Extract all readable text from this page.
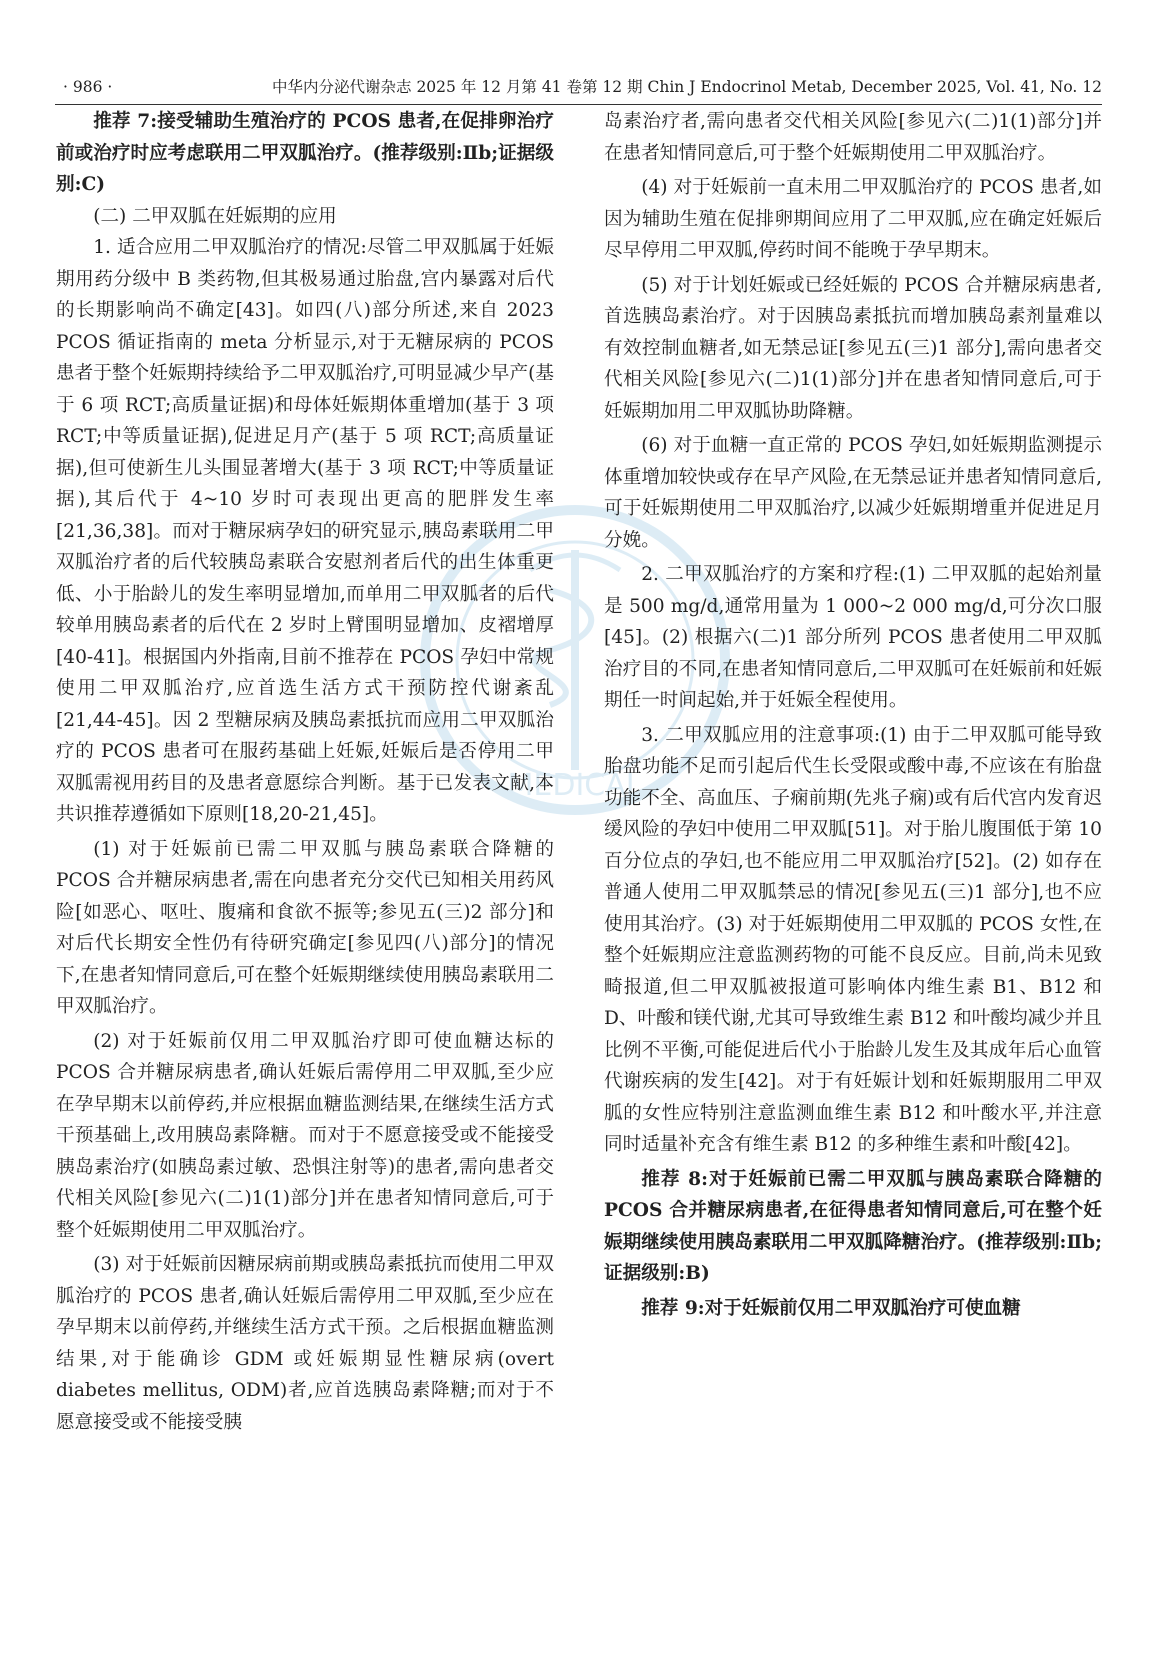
· 986 ·	中华内分泌代谢杂志 2025 年 12 月第 41 卷第 12 期 Chin J Endocrinol Metab, December 2025, Vol. 41, No. 12
MEDICAL

推荐 7:接受辅助生殖治疗的 PCOS 患者,在促排卵治疗前或治疗时应考虑联用二甲双胍治疗。(推荐级别:Ⅱb;证据级别:C)

(二) 二甲双胍在妊娠期的应用

1. 适合应用二甲双胍治疗的情况:尽管二甲双胍属于妊娠期用药分级中 B 类药物,但其极易通过胎盘,宫内暴露对后代的长期影响尚不确定[43]。如四(八)部分所述,来自 2023 PCOS 循证指南的 meta 分析显示,对于无糖尿病的 PCOS 患者于整个妊娠期持续给予二甲双胍治疗,可明显减少早产(基于 6 项 RCT;高质量证据)和母体妊娠期体重增加(基于 3 项 RCT;中等质量证据),促进足月产(基于 5 项 RCT;高质量证据),但可使新生儿头围显著增大(基于 3 项 RCT;中等质量证据),其后代于 4~10 岁时可表现出更高的肥胖发生率[21,36,38]。而对于糖尿病孕妇的研究显示,胰岛素联用二甲双胍治疗者的后代较胰岛素联合安慰剂者后代的出生体重更低、小于胎龄儿的发生率明显增加,而单用二甲双胍者的后代较单用胰岛素者的后代在 2 岁时上臂围明显增加、皮褶增厚[40-41]。根据国内外指南,目前不推荐在 PCOS 孕妇中常规使用二甲双胍治疗,应首选生活方式干预防控代谢紊乱[21,44-45]。因 2 型糖尿病及胰岛素抵抗而应用二甲双胍治疗的 PCOS 患者可在服药基础上妊娠,妊娠后是否停用二甲双胍需视用药目的及患者意愿综合判断。基于已发表文献,本共识推荐遵循如下原则[18,20-21,45]。

(1) 对于妊娠前已需二甲双胍与胰岛素联合降糖的 PCOS 合并糖尿病患者,需在向患者充分交代已知相关用药风险[如恶心、呕吐、腹痛和食欲不振等;参见五(三)2 部分]和对后代长期安全性仍有待研究确定[参见四(八)部分]的情况下,在患者知情同意后,可在整个妊娠期继续使用胰岛素联用二甲双胍治疗。

(2) 对于妊娠前仅用二甲双胍治疗即可使血糖达标的 PCOS 合并糖尿病患者,确认妊娠后需停用二甲双胍,至少应在孕早期末以前停药,并应根据血糖监测结果,在继续生活方式干预基础上,改用胰岛素降糖。而对于不愿意接受或不能接受胰岛素治疗(如胰岛素过敏、恐惧注射等)的患者,需向患者交代相关风险[参见六(二)1(1)部分]并在患者知情同意后,可于整个妊娠期使用二甲双胍治疗。

(3) 对于妊娠前因糖尿病前期或胰岛素抵抗而使用二甲双胍治疗的 PCOS 患者,确认妊娠后需停用二甲双胍,至少应在孕早期末以前停药,并继续生活方式干预。之后根据血糖监测结果,对于能确诊 GDM 或妊娠期显性糖尿病(overt diabetes mellitus, ODM)者,应首选胰岛素降糖;而对于不愿意接受或不能接受胰

岛素治疗者,需向患者交代相关风险[参见六(二)1(1)部分]并在患者知情同意后,可于整个妊娠期使用二甲双胍治疗。

(4) 对于妊娠前一直未用二甲双胍治疗的 PCOS 患者,如因为辅助生殖在促排卵期间应用了二甲双胍,应在确定妊娠后尽早停用二甲双胍,停药时间不能晚于孕早期末。

(5) 对于计划妊娠或已经妊娠的 PCOS 合并糖尿病患者,首选胰岛素治疗。对于因胰岛素抵抗而增加胰岛素剂量难以有效控制血糖者,如无禁忌证[参见五(三)1 部分],需向患者交代相关风险[参见六(二)1(1)部分]并在患者知情同意后,可于妊娠期加用二甲双胍协助降糖。

(6) 对于血糖一直正常的 PCOS 孕妇,如妊娠期监测提示体重增加较快或存在早产风险,在无禁忌证并患者知情同意后,可于妊娠期使用二甲双胍治疗,以减少妊娠期增重并促进足月分娩。

2. 二甲双胍治疗的方案和疗程:(1) 二甲双胍的起始剂量是 500 mg/d,通常用量为 1 000~2 000 mg/d,可分次口服[45]。(2) 根据六(二)1 部分所列 PCOS 患者使用二甲双胍治疗目的不同,在患者知情同意后,二甲双胍可在妊娠前和妊娠期任一时间起始,并于妊娠全程使用。

3. 二甲双胍应用的注意事项:(1) 由于二甲双胍可能导致胎盘功能不足而引起后代生长受限或酸中毒,不应该在有胎盘功能不全、高血压、子痫前期(先兆子痫)或有后代宫内发育迟缓风险的孕妇中使用二甲双胍[51]。对于胎儿腹围低于第 10 百分位点的孕妇,也不能应用二甲双胍治疗[52]。(2) 如存在普通人使用二甲双胍禁忌的情况[参见五(三)1 部分],也不应使用其治疗。(3) 对于妊娠期使用二甲双胍的 PCOS 女性,在整个妊娠期应注意监测药物的可能不良反应。目前,尚未见致畸报道,但二甲双胍被报道可影响体内维生素 B1、B12 和 D、叶酸和镁代谢,尤其可导致维生素 B12 和叶酸均减少并且比例不平衡,可能促进后代小于胎龄儿发生及其成年后心血管代谢疾病的发生[42]。对于有妊娠计划和妊娠期服用二甲双胍的女性应特别注意监测血维生素 B12 和叶酸水平,并注意同时适量补充含有维生素 B12 的多种维生素和叶酸[42]。

推荐 8:对于妊娠前已需二甲双胍与胰岛素联合降糖的 PCOS 合并糖尿病患者,在征得患者知情同意后,可在整个妊娠期继续使用胰岛素联用二甲双胍降糖治疗。(推荐级别:Ⅱb;证据级别:B)

推荐 9:对于妊娠前仅用二甲双胍治疗可使血糖
